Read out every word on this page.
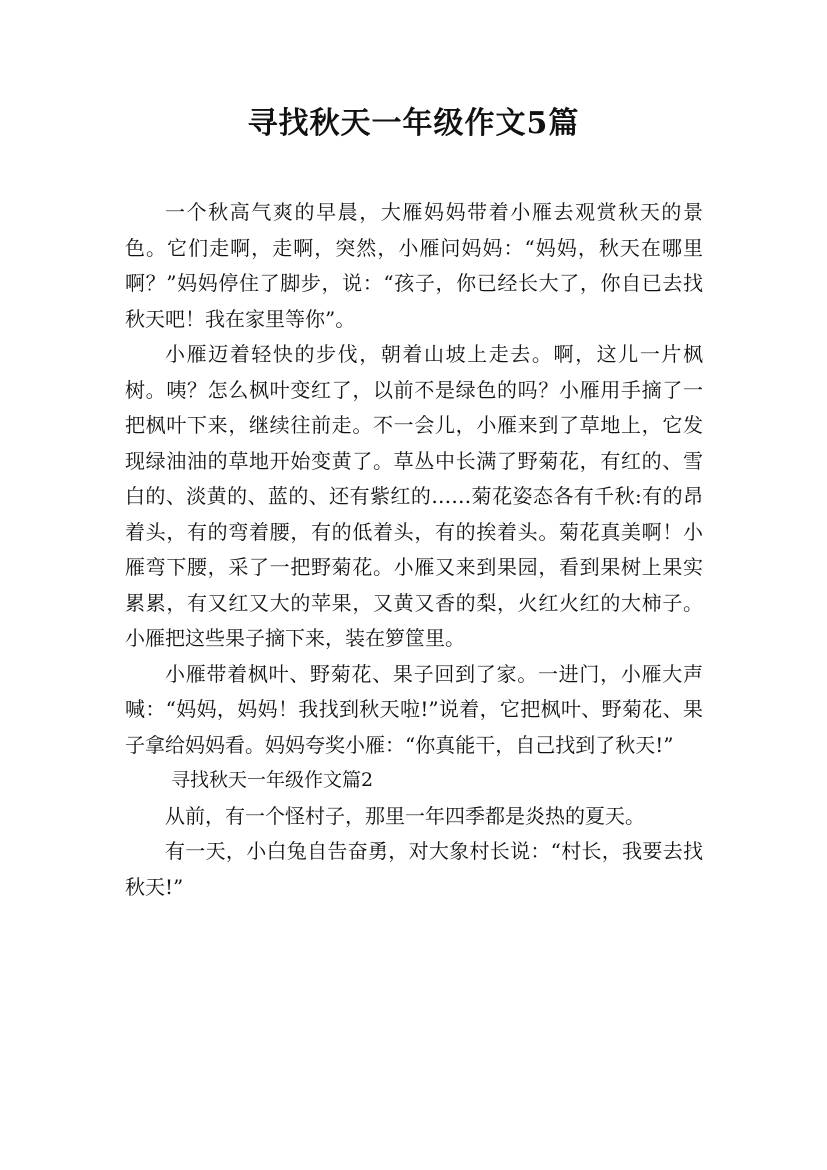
寻找秋天一年级作文5篇

一个秋高气爽的早晨，大雁妈妈带着小雁去观赏秋天的景色。它们走啊，走啊，突然，小雁问妈妈：“妈妈，秋天在哪里啊？”妈妈停住了脚步，说：“孩子，你已经长大了，你自已去找秋天吧！我在家里等你”。

小雁迈着轻快的步伐，朝着山坡上走去。啊，这儿一片枫树。咦？怎么枫叶变红了，以前不是绿色的吗？小雁用手摘了一把枫叶下来，继续往前走。不一会儿，小雁来到了草地上，它发现绿油油的草地开始变黄了。草丛中长满了野菊花，有红的、雪白的、淡黄的、蓝的、还有紫红的……菊花姿态各有千秋:有的昂着头，有的弯着腰，有的低着头，有的挨着头。菊花真美啊！小雁弯下腰，采了一把野菊花。小雁又来到果园，看到果树上果实累累，有又红又大的苹果，又黄又香的梨，火红火红的大柿子。小雁把这些果子摘下来，装在箩筐里。

小雁带着枫叶、野菊花、果子回到了家。一进门，小雁大声喊：“妈妈，妈妈！我找到秋天啦!”说着，它把枫叶、野菊花、果子拿给妈妈看。妈妈夸奖小雁：“你真能干，自己找到了秋天!”

寻找秋天一年级作文篇2

从前，有一个怪村子，那里一年四季都是炎热的夏天。

有一天，小白兔自告奋勇，对大象村长说：“村长，我要去找秋天!”
